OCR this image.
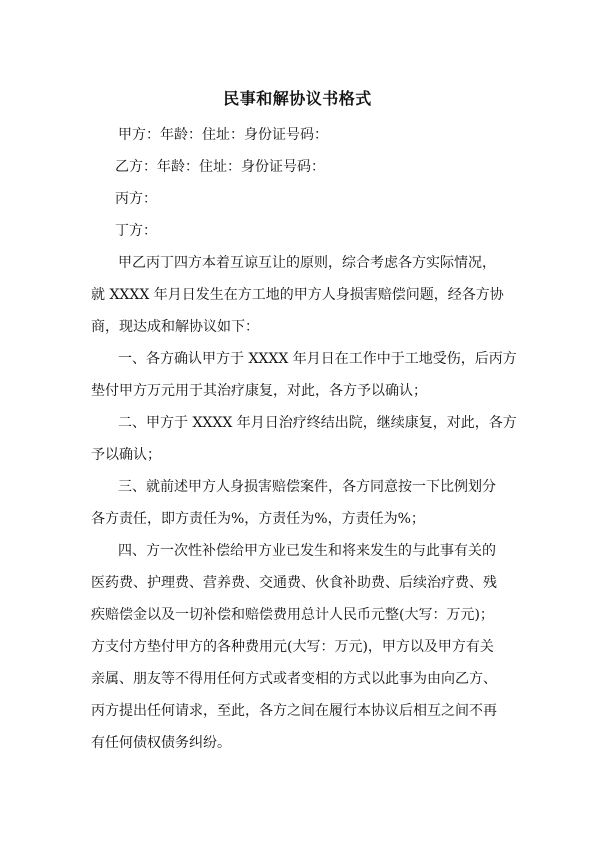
民事和解协议书格式
甲方：年龄：住址：身份证号码：
乙方：年龄：住址：身份证号码：
丙方：
丁方：
甲乙丙丁四方本着互谅互让的原则，综合考虑各方实际情况，
就 XXXX 年月日发生在方工地的甲方人身损害赔偿问题，经各方协
商，现达成和解协议如下：
一、各方确认甲方于 XXXX 年月日在工作中于工地受伤，后丙方
垫付甲方万元用于其治疗康复，对此，各方予以确认；
二、甲方于 XXXX 年月日治疗终结出院，继续康复，对此，各方
予以确认；
三、就前述甲方人身损害赔偿案件，各方同意按一下比例划分
各方责任，即方责任为%，方责任为%，方责任为%；
四、方一次性补偿给甲方业已发生和将来发生的与此事有关的
医药费、护理费、营养费、交通费、伙食补助费、后续治疗费、残
疾赔偿金以及一切补偿和赔偿费用总计人民币元整(大写：万元)；
方支付方垫付甲方的各种费用元(大写：万元)，甲方以及甲方有关
亲属、朋友等不得用任何方式或者变相的方式以此事为由向乙方、
丙方提出任何请求，至此，各方之间在履行本协议后相互之间不再
有任何债权债务纠纷。
